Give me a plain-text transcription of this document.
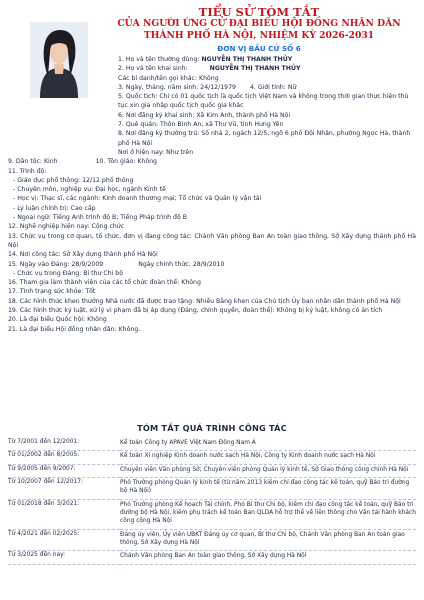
TIỂU SỬ TÓM TẮT
CỦA NGƯỜI ỨNG CỬ ĐẠI BIỂU HỘI ĐỒNG NHÂN DÂN
THÀNH PHỐ HÀ NỘI, NHIỆM KỲ 2026-2031
ĐƠN VỊ BẦU CỬ SỐ 6
1. Họ và tên thường dùng: NGUYỄN THỊ THANH THỦY
2. Họ và tên khai sinh:	NGUYỄN THỊ THANH THỦY
Các bí danh/tên gọi khác: Không
3. Ngày, tháng, năm sinh: 24/12/1979 4. Giới tính: Nữ
5. Quốc tịch: Chỉ có 01 quốc tịch là quốc tịch Việt Nam và không trong thời gian thực hiện thủ tục xin gia nhập quốc tịch quốc gia khác
6. Nơi đăng ký khai sinh: Xã Kim Anh, thành phố Hà Nội
7. Quê quán: Thôn Bình An, xã Thư Vũ, tỉnh Hưng Yên
8. Nơi đăng ký thường trú: Số nhà 2, ngách 12/5, ngõ 6 phố Đội Nhân, phường Ngọc Hà, thành phố Hà Nội
Nơi ở hiện nay: Như trên
9. Dân tộc: Kinh	10. Tôn giáo: Không
11. Trình độ:
- Giáo dục phổ thông: 12/12 phổ thông
- Chuyên môn, nghiệp vụ: Đại học, ngành Kinh tế
- Học vị: Thạc sĩ, các ngành: Kinh doanh thương mại; Tổ chức và Quản lý vận tải
- Lý luận chính trị: Cao cấp
- Ngoại ngữ: Tiếng Anh trình độ B; Tiếng Pháp trình độ B
12. Nghề nghiệp hiện nay: Công chức
13. Chức vụ trong cơ quan, tổ chức, đơn vị đang công tác: Chánh Văn phòng Ban An toàn giao thông, Sở Xây dựng thành phố Hà Nội
14. Nơi công tác: Sở Xây dựng thành phố Hà Nội
15. Ngày vào Đảng: 28/9/2009	Ngày chính thức: 28/9/2010
- Chức vụ trong Đảng: Bí thư Chi bộ
16. Tham gia làm thành viên của các tổ chức đoàn thể: Không
17. Tình trạng sức khỏe: Tốt
18. Các hình thức khen thưởng Nhà nước đã được trao tặng: Nhiều Bằng khen của Chủ tịch Ủy ban nhân dân thành phố Hà Nội
19. Các hình thức kỷ luật, xử lý vi phạm đã bị áp dụng (Đảng, chính quyền, đoàn thể): Không bị kỷ luật, không có án tích
20. Là đại biểu Quốc hội: Không
21. Là đại biểu Hội đồng nhân dân: Không.
TÓM TẮT QUÁ TRÌNH CÔNG TÁC
Từ 7/2001 đến 12/2001:	Kế toán Công ty APAVE Việt Nam Đông Nam Á
Từ 01/2002 đến 8/2005:	Kế toán Xí nghiệp Kinh doanh nước sạch Hà Nội, Công ty Kinh doanh nước sạch Hà Nội
Từ 9/2005 đến 9/2007:	Chuyên viên Văn phòng Sở; Chuyên viên phòng Quản lý kinh tế, Sở Giao thông công chính Hà Nội
Từ 10/2007 đến 12/2017:	Phó Trưởng phòng Quản lý kinh tế (từ năm 2013 kiêm chỉ đạo công tác kế toán, quỹ Bảo trì đường bộ Hà Nội)
Từ 01/2018 đến 3/2021:	Phó Trưởng phòng Kế hoạch Tài chính, Phó Bí thư Chi bộ, kiêm chỉ đạo công tác kế toán, quỹ Bảo trì đường bộ Hà Nội, kiêm phụ trách kế toán Ban QLDA hỗ trợ thể về liên thông cho Vận tải hành khách công cộng Hà Nội
Từ 4/2021 đến 02/2025:	Đảng ủy viên, Ủy viên UBKT Đảng ủy cơ quan, Bí thư Chi bộ, Chánh Văn phòng Ban An toàn giao thông, Sở Xây dựng Hà Nội
Từ 3/2025 đến nay:	Chánh Văn phòng Ban An toàn giao thông, Sở Xây dựng Hà Nội
